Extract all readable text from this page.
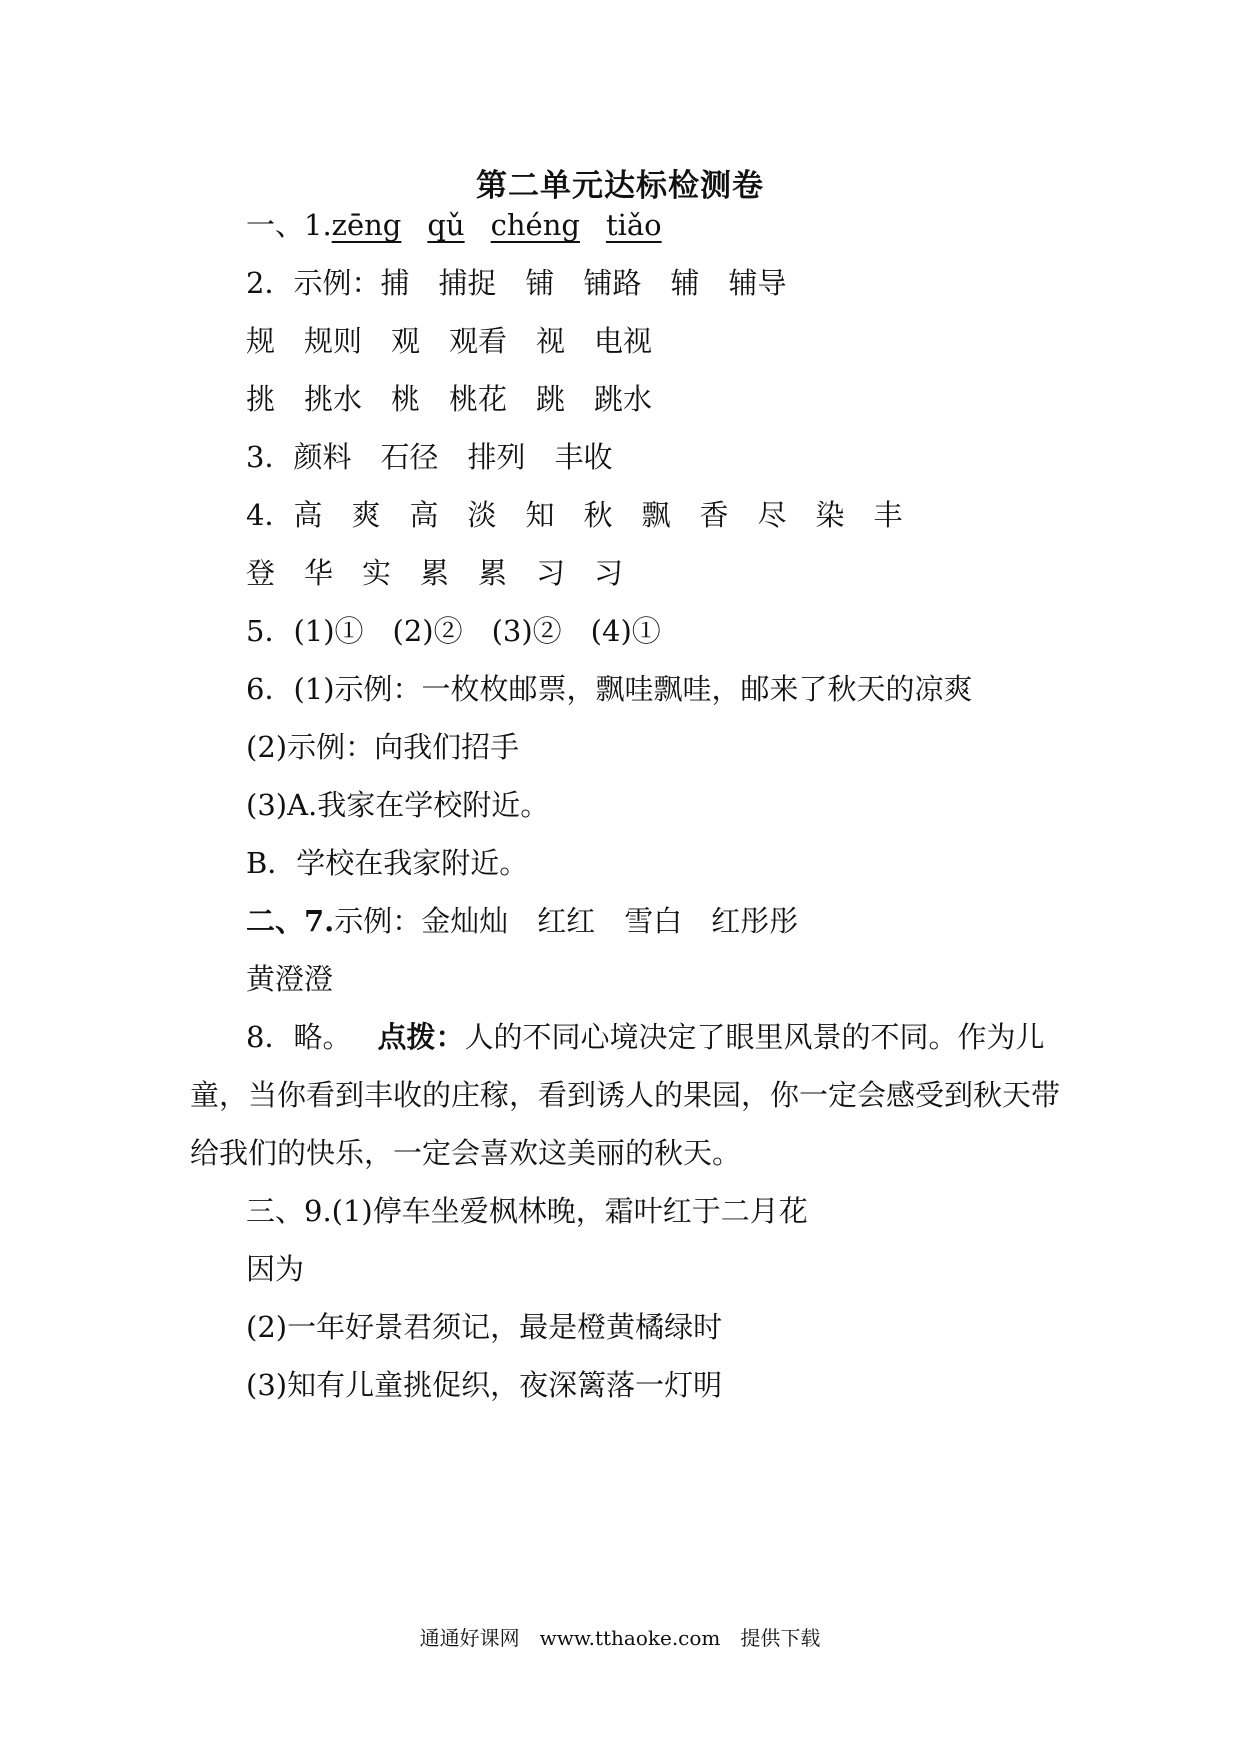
第二单元达标检测卷
一、1.zēng qǔ chéng tiǎo
2．示例：捕　捕捉　铺　铺路　辅　辅导
规　规则　观　观看　视　电视
挑　挑水　桃　桃花　跳　跳水
3．颜料　石径　排列　丰收
4．高　爽　高　淡　知　秋　飘　香　尽　染　丰
登　华　实　累　累　习　习
5．(1)①　(2)②　(3)②　(4)①
6．(1)示例：一枚枚邮票，飘哇飘哇，邮来了秋天的凉爽
(2)示例：向我们招手
(3)A.我家在学校附近。
B．学校在我家附近。
二、7.示例：金灿灿　红红　雪白　红彤彤
黄澄澄
8．略。 点拨：人的不同心境决定了眼里风景的不同。作为儿
童，当你看到丰收的庄稼，看到诱人的果园，你一定会感受到秋天带
给我们的快乐，一定会喜欢这美丽的秋天。
三、9.(1)停车坐爱枫林晚，霜叶红于二月花
因为
(2)一年好景君须记，最是橙黄橘绿时
(3)知有儿童挑促织，夜深篱落一灯明
通通好课网　www.tthaoke.com　提供下载
